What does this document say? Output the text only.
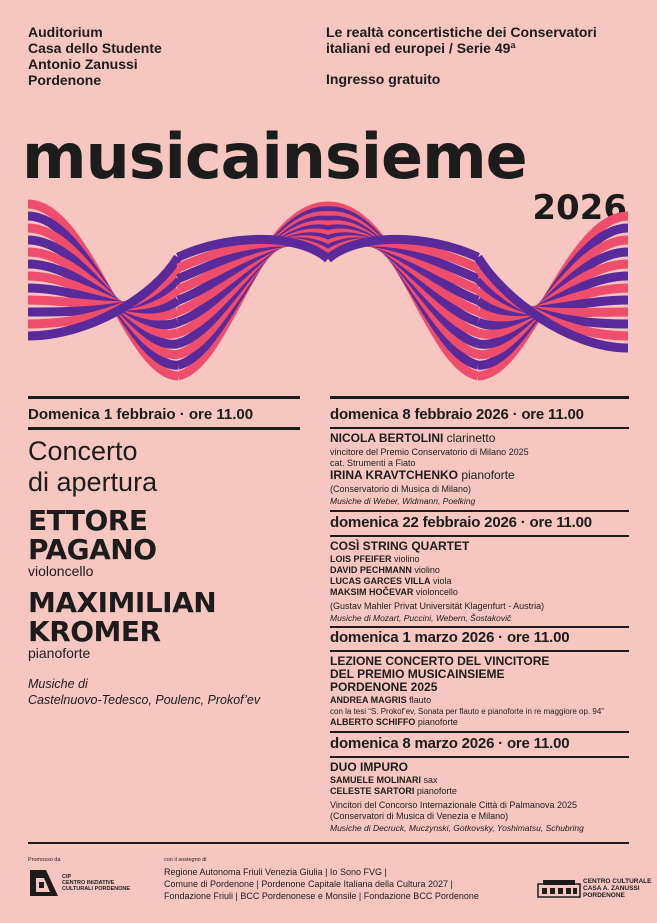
Auditorium
Casa dello Studente
Antonio Zanussi
Pordenone
Le realtà concertistiche dei Conservatori
italiani ed europei / Serie 49ª
Ingresso gratuito
musicainsieme
2026
Domenica 1 febbraio · ore 11.00
Concerto
di apertura
ETTORE
PAGANO
violoncello
MAXIMILIAN
KROMER
pianoforte
Musiche di
Castelnuovo-Tedesco, Poulenc, Prokof’ev
domenica 8 febbraio 2026 · ore 11.00
NICOLA BERTOLINI clarinetto
vincitore del Premio Conservatorio di Milano 2025
cat. Strumenti a Fiato
IRINA KRAVTCHENKO pianoforte
(Conservatorio di Musica di Milano)
Musiche di Weber, Widmann, Poelking
domenica 22 febbraio 2026 · ore 11.00
COSÌ STRING QUARTET
LOIS PFEIFER violino
DAVID PECHMANN violino
LUCAS GARCES VILLA viola
MAKSIM HOČEVAR violoncello
(Gustav Mahler Privat Universität Klagenfurt - Austria)
Musiche di Mozart, Puccini, Webern, Šostakovič
domenica 1 marzo 2026 · ore 11.00
LEZIONE CONCERTO DEL VINCITORE
DEL PREMIO MUSICAINSIEME
PORDENONE 2025
ANDREA MAGRIS flauto
con la tesi “S. Prokof’ev, Sonata per flauto e pianoforte in re maggiore op. 94”
ALBERTO SCHIFFO pianoforte
domenica 8 marzo 2026 · ore 11.00
DUO IMPURO
SAMUELE MOLINARI sax
CELESTE SARTORI pianoforte
Vincitori del Concorso Internazionale Città di Palmanova 2025
(Conservatori di Musica di Venezia e Milano)
Musiche di Decruck, Muczynski, Gotkovsky, Yoshimatsu, Schubring
Promosso da
CIP
CENTRO INIZIATIVE
CULTURALI PORDENONE
con il sostegno di
Regione Autonoma Friuli Venezia Giulia | Io Sono FVG |
Comune di Pordenone | Pordenone Capitale Italiana della Cultura 2027 |
Fondazione Friuli | BCC Pordenonese e Monsile | Fondazione BCC Pordenone
CENTRO CULTURALE
CASA A. ZANUSSI
PORDENONE
